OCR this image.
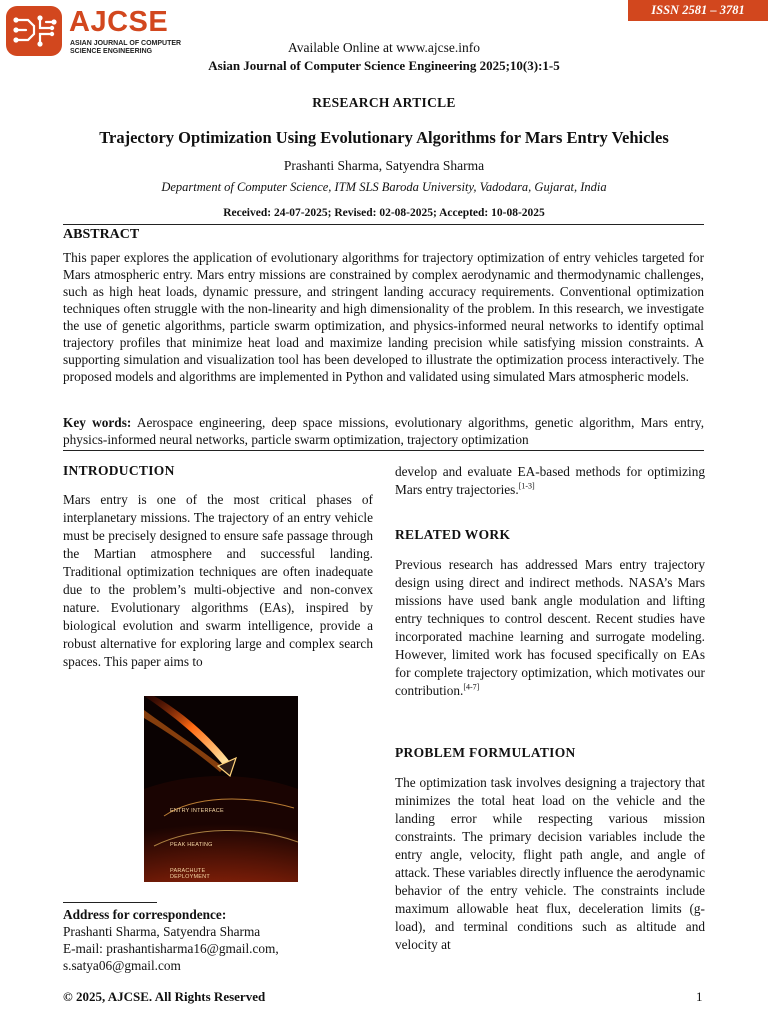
ISSN 2581 – 3781
AJCSE
ASIAN JOURNAL OF COMPUTER
SCIENCE ENGINEERING	Available Online at www.ajcse.info
Asian Journal of Computer Science Engineering 2025;10(3):1-5
RESEARCH ARTICLE
Trajectory Optimization Using Evolutionary Algorithms for Mars Entry Vehicles
Prashanti Sharma, Satyendra Sharma
Department of Computer Science, ITM SLS Baroda University, Vadodara, Gujarat, India
Received: 24-07-2025; Revised: 02-08-2025; Accepted: 10-08-2025
ABSTRACT
This paper explores the application of evolutionary algorithms for trajectory optimization of entry vehicles targeted for Mars atmospheric entry. Mars entry missions are constrained by complex aerodynamic and thermodynamic challenges, such as high heat loads, dynamic pressure, and stringent landing accuracy requirements. Conventional optimization techniques often struggle with the non-linearity and high dimensionality of the problem. In this research, we investigate the use of genetic algorithms, particle swarm optimization, and physics-informed neural networks to identify optimal trajectory profiles that minimize heat load and maximize landing precision while satisfying mission constraints. A supporting simulation and visualization tool has been developed to illustrate the optimization process interactively. The proposed models and algorithms are implemented in Python and validated using simulated Mars atmospheric models.
Key words: Aerospace engineering, deep space missions, evolutionary algorithms, genetic algorithm, Mars entry, physics-informed neural networks, particle swarm optimization, trajectory optimization
INTRODUCTION
Mars entry is one of the most critical phases of interplanetary missions. The trajectory of an entry vehicle must be precisely designed to ensure safe passage through the Martian atmosphere and successful landing. Traditional optimization techniques are often inadequate due to the problem’s multi-objective and non-convex nature. Evolutionary algorithms (EAs), inspired by biological evolution and swarm intelligence, provide a robust alternative for exploring large and complex search spaces. This paper aims to
ENTRY INTERFACE
PEAK HEATING
PARACHUTE
DEPLOYMENT
Address for correspondence:
Prashanti Sharma, Satyendra Sharma
E-mail: prashantisharma16@gmail.com,
s.satya06@gmail.com
develop and evaluate EA-based methods for optimizing Mars entry trajectories.[1-3]
RELATED WORK
Previous research has addressed Mars entry trajectory design using direct and indirect methods. NASA’s Mars missions have used bank angle modulation and lifting entry techniques to control descent. Recent studies have incorporated machine learning and surrogate modeling. However, limited work has focused specifically on EAs for complete trajectory optimization, which motivates our contribution.[4-7]
PROBLEM FORMULATION
The optimization task involves designing a trajectory that minimizes the total heat load on the vehicle and the landing error while respecting various mission constraints. The primary decision variables include the entry angle, velocity, flight path angle, and angle of attack. These variables directly influence the aerodynamic behavior of the entry vehicle. The constraints include maximum allowable heat flux, deceleration limits (g-load), and terminal conditions such as altitude and velocity at
© 2025, AJCSE. All Rights Reserved	1
